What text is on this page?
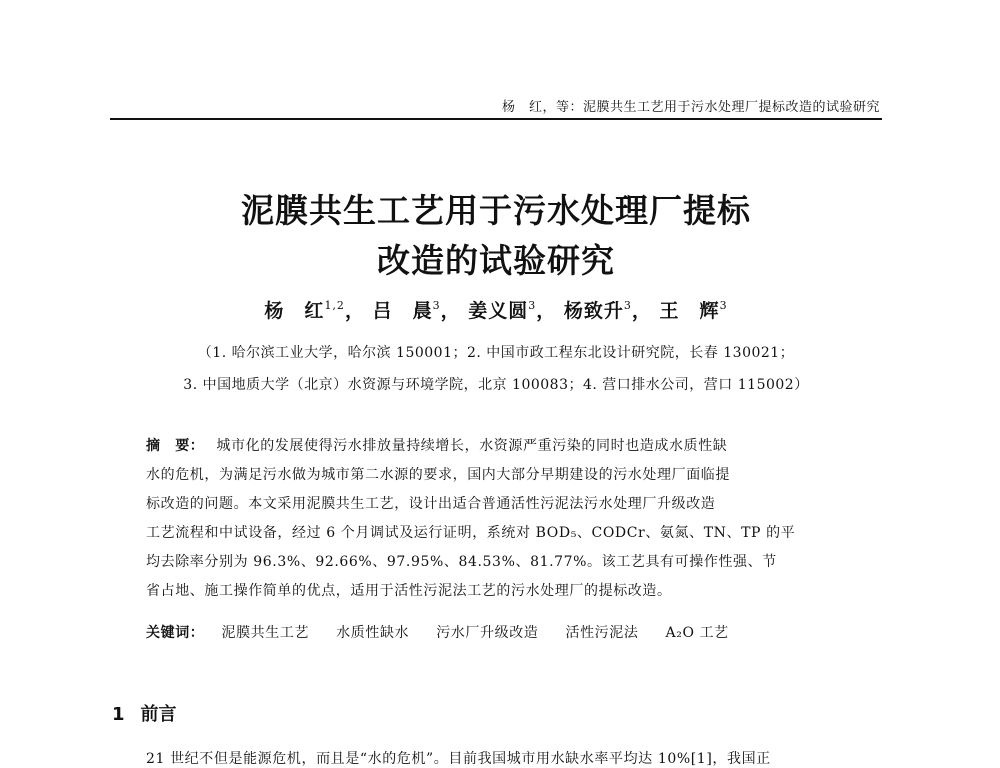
杨　红，等：泥膜共生工艺用于污水处理厂提标改造的试验研究
泥膜共生工艺用于污水处理厂提标
改造的试验研究
杨　红$^{1,2}$， 吕　晨$^3$， 姜义圆$^3$， 杨致升$^3$， 王　辉$^3$
（1. 哈尔滨工业大学，哈尔滨 150001；2. 中国市政工程东北设计研究院，长春 130021；
3. 中国地质大学（北京）水资源与环境学院，北京 100083；4. 营口排水公司，营口 115002）
摘　要： 城市化的发展使得污水排放量持续增长，水资源严重污染的同时也造成水质性缺
水的危机，为满足污水做为城市第二水源的要求，国内大部分早期建设的污水处理厂面临提
标改造的问题。本文采用泥膜共生工艺，设计出适合普通活性污泥法污水处理厂升级改造
工艺流程和中试设备，经过 6 个月调试及运行证明，系统对 BOD₅、CODCr、氨氮、TN、TP 的平
均去除率分别为 96.3%、92.66%、97.95%、84.53%、81.77%。该工艺具有可操作性强、节
省占地、施工操作简单的优点，适用于活性污泥法工艺的污水处理厂的提标改造。
关键词： 泥膜共生工艺 水质性缺水 污水厂升级改造 活性污泥法 A₂O 工艺
1 前言
21 世纪不但是能源危机，而且是“水的危机”。目前我国城市用水缺水率平均达 10%[1]，我国正
